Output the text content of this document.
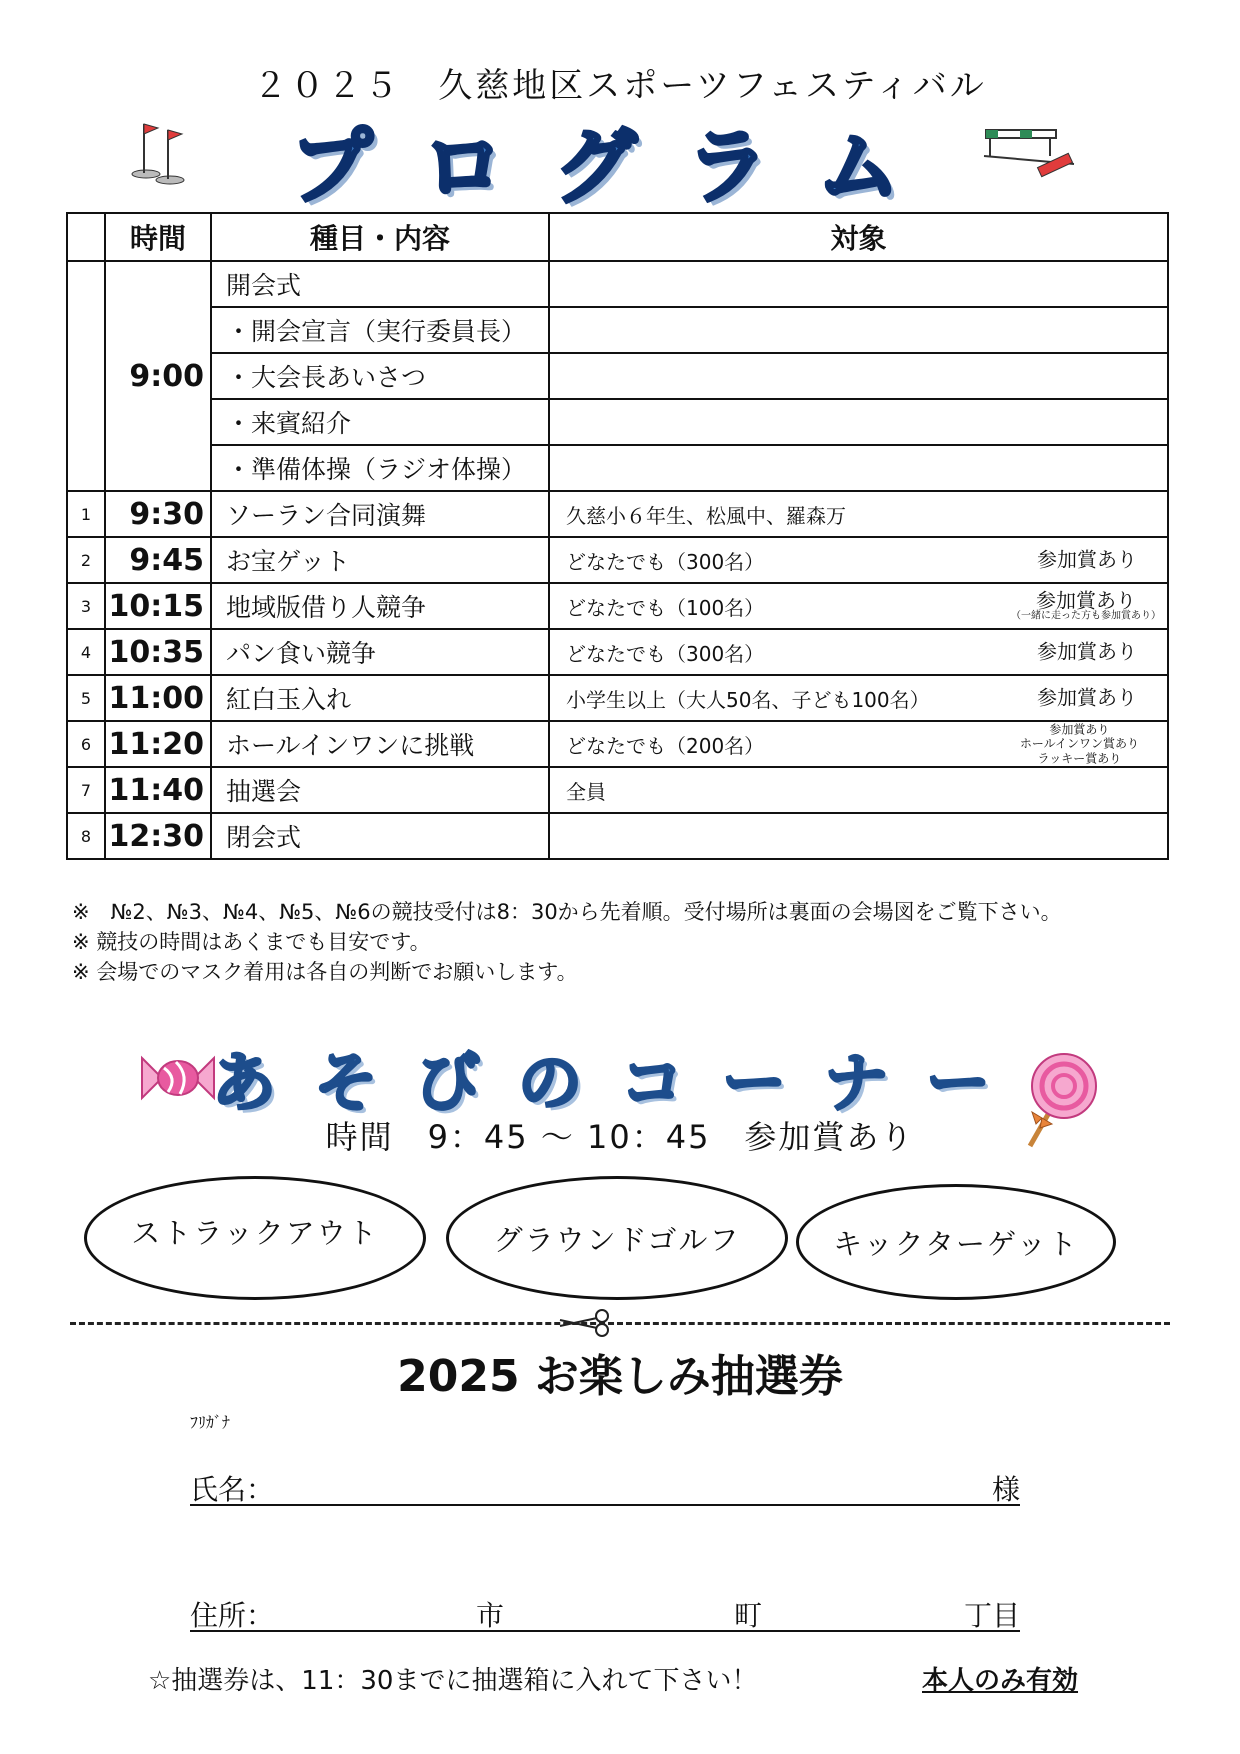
２０２５　久慈地区スポーツフェスティバル
プログラム
	時間	種目・内容	対象
	9:00	開会式	
		・開会宣言（実行委員長）	
		・大会長あいさつ	
		・来賓紹介	
		・準備体操（ラジオ体操）	
1	9:30	ソーラン合同演舞	久慈小６年生、松風中、羅森万
2	9:45	お宝ゲット	どなたでも（300名） 参加賞あり

3	10:15	地域版借り人競争	どなたでも（100名） 参加賞あり
（一緒に走った方も参加賞あり）

4	10:35	パン食い競争	どなたでも（300名） 参加賞あり

5	11:00	紅白玉入れ	小学生以上（大人50名、子ども100名） 参加賞あり

6	11:20	ホールインワンに挑戦	どなたでも（200名）
参加賞あり
ホールインワン賞あり
ラッキー賞あり

7	11:40	抽選会	全員
8	12:30	閉会式	
※　№2、№3、№4、№5、№6の競技受付は8：30から先着順。受付場所は裏面の会場図をご覧下さい。
※ 競技の時間はあくまでも目安です。
※ 会場でのマスク着用は各自の判断でお願いします。
あそびのコーナー
時間　9：45 ～ 10：45　参加賞あり
ストラックアウト	グラウンドゴルフ	キックターゲット
2025 お楽しみ抽選券
ﾌﾘｶﾞﾅ
氏名：	様
住所：	市	町	丁目
☆抽選券は、11：30までに抽選箱に入れて下さい！	本人のみ有効
